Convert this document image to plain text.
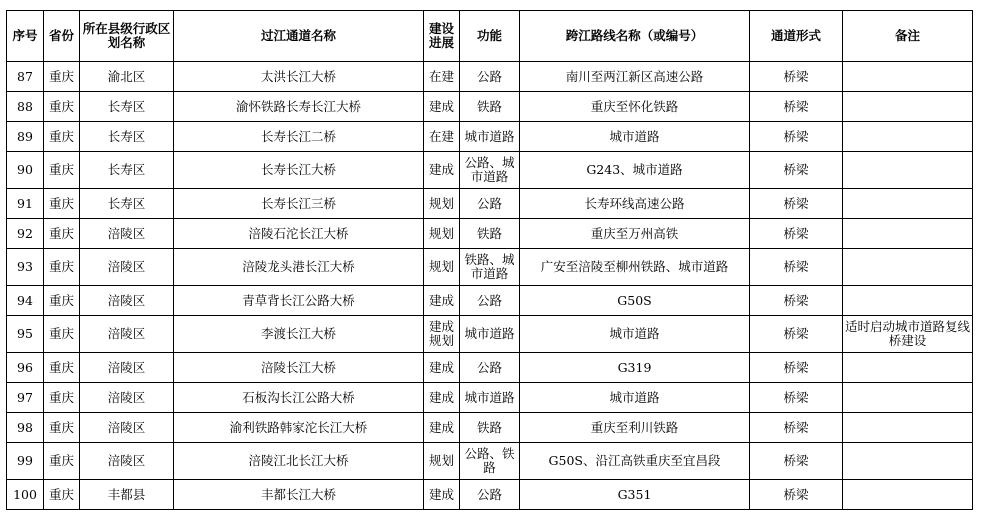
序号	省份	所在县级行政区划名称	过江通道名称	建设进展	功能	跨江路线名称（或编号）	通道形式	备注
87	重庆	渝北区	太洪长江大桥	在建	公路	南川至两江新区高速公路	桥梁	
88	重庆	长寿区	渝怀铁路长寿长江大桥	建成	铁路	重庆至怀化铁路	桥梁	
89	重庆	长寿区	长寿长江二桥	在建	城市道路	城市道路	桥梁	
90	重庆	长寿区	长寿长江大桥	建成	公路、城市道路	G243、城市道路	桥梁	
91	重庆	长寿区	长寿长江三桥	规划	公路	长寿环线高速公路	桥梁	
92	重庆	涪陵区	涪陵石沱长江大桥	规划	铁路	重庆至万州高铁	桥梁	
93	重庆	涪陵区	涪陵龙头港长江大桥	规划	铁路、城市道路	广安至涪陵至柳州铁路、城市道路	桥梁	
94	重庆	涪陵区	青草背长江公路大桥	建成	公路	G50S	桥梁	
95	重庆	涪陵区	李渡长江大桥	建成规划	城市道路	城市道路	桥梁	适时启动城市道路复线桥建设
96	重庆	涪陵区	涪陵长江大桥	建成	公路	G319	桥梁	
97	重庆	涪陵区	石板沟长江公路大桥	建成	城市道路	城市道路	桥梁	
98	重庆	涪陵区	渝利铁路韩家沱长江大桥	建成	铁路	重庆至利川铁路	桥梁	
99	重庆	涪陵区	涪陵江北长江大桥	规划	公路、铁路	G50S、沿江高铁重庆至宜昌段	桥梁	
100	重庆	丰都县	丰都长江大桥	建成	公路	G351	桥梁	
